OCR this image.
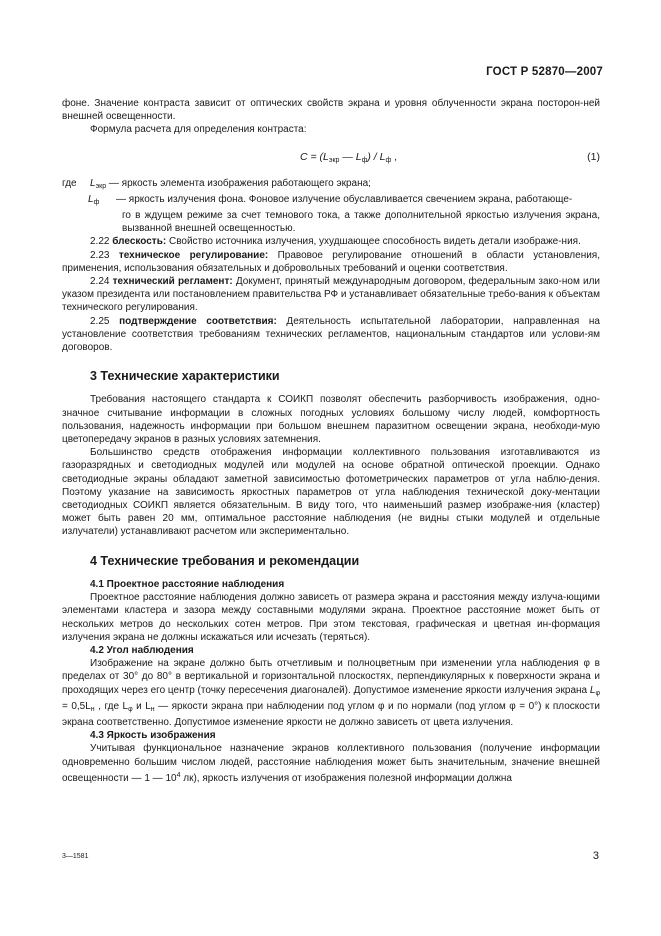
ГОСТ Р 52870—2007

фоне. Значение контраста зависит от оптических свойств экрана и уровня облученности экрана посторон-ней внешней освещенности.

Формула расчета для определения контраста:

$C = (L_{экр}$ — $L_ф) / L_ф$ ,	(1)
где	$L_{экр}$ — яркость элемента изображения работающего экрана;
$L_ф$	— яркость излучения фона. Фоновое излучение обуславливается свечением экрана, работающе-

го в ждущем режиме за счет темнового тока, а также дополнительной яркостью излучения экрана, вызванной внешней освещенностью.

2.22 блескость: Свойство источника излучения, ухудшающее способность видеть детали изображе-ния.

2.23 техническое регулирование: Правовое регулирование отношений в области установления, применения, использования обязательных и добровольных требований и оценки соответствия.

2.24 технический регламент: Документ, принятый международным договором, федеральным зако-ном или указом президента или постановлением правительства РФ и устанавливает обязательные требо-вания к объектам технического регулирования.

2.25 подтверждение соответствия: Деятельность испытательной лаборатории, направленная на установление соответствия требованиям технических регламентов, национальным стандартов или услови-ям договоров.

3 Технические характеристики

Требования настоящего стандарта к СОИКП позволят обеспечить разборчивость изображения, одно-значное считывание информации в сложных погодных условиях большому числу людей, комфортность пользования, надежность информации при большом внешнем паразитном освещении экрана, необходи-мую цветопередачу экранов в разных условиях затемнения.

Большинство средств отображения информации коллективного пользования изготавливаются из газоразрядных и светодиодных модулей или модулей на основе обратной оптической проекции. Однако светодиодные экраны обладают заметной зависимостью фотометрических параметров от угла наблю-дения. Поэтому указание на зависимость яркостных параметров от угла наблюдения технической доку-ментации светодиодных СОИКП является обязательным. В виду того, что наименьший размер изображе-ния (кластер) может быть равен 20 мм, оптимальное расстояние наблюдения (не видны стыки модулей и отдельные излучатели) устанавливают расчетом или экспериментально.

4 Технические требования и рекомендации
4.1 Проектное расстояние наблюдения

Проектное расстояние наблюдения должно зависеть от размера экрана и расстояния между излуча-ющими элементами кластера и зазора между составными модулями экрана. Проектное расстояние может быть от нескольких метров до нескольких сотен метров. При этом текстовая, графическая и цветная ин-формация излучения экрана не должны искажаться или исчезать (теряться).

4.2 Угол наблюдения

Изображение на экране должно быть отчетливым и полноцветным при изменении угла наблюдения φ в пределах от 30° до 80° в вертикальной и горизонтальной плоскостях, перпендикулярных к поверхности экрана и проходящих через его центр (точку пересечения диагоналей). Допустимое изменение яркости излучения экрана $L_\varphi = 0,5L_н$ , где $L_\varphi$ и $L_н$ — яркости экрана при наблюдении под углом φ и по нормали (под углом φ = 0°) к плоскости экрана соответственно. Допустимое изменение яркости не должно зависеть от цвета излучения.

4.3 Яркость изображения

Учитывая функциональное назначение экранов коллективного пользования (получение информации одновременно большим числом людей, расстояние наблюдения может быть значительным, значение внешней освещенности — 1 — $10^4$ лк), яркость излучения от изображения полезной информации должна

3—1581	3
